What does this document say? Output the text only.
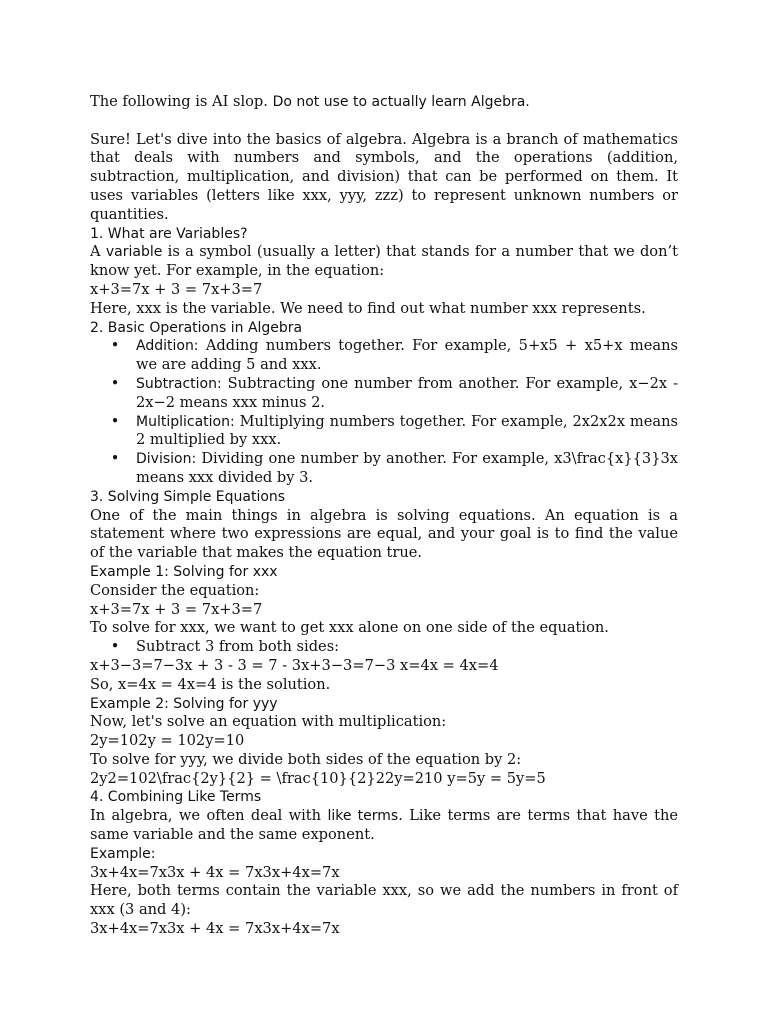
The following is AI slop. Do not use to actually learn Algebra.

Sure! Let's dive into the basics of algebra. Algebra is a branch of mathematics that deals with numbers and symbols, and the operations (addition, subtraction, multiplication, and division) that can be performed on them. It uses variables (letters like xxx, yyy, zzz) to represent unknown numbers or quantities.

1. What are Variables?

A variable is a symbol (usually a letter) that stands for a number that we don’t know yet. For example, in the equation:

x+3=7x + 3 = 7x+3=7

Here, xxx is the variable. We need to find out what number xxx represents.

2. Basic Operations in Algebra

• Addition: Adding numbers together. For example, 5+x5 + x5+x means we are adding 5 and xxx.
• Subtraction: Subtracting one number from another. For example, x−2x - 2x−2 means xxx minus 2.
• Multiplication: Multiplying numbers together. For example, 2x2x2x means 2 multiplied by xxx.
• Division: Dividing one number by another. For example, x3\frac{x}{3}3x means xxx divided by 3.

3. Solving Simple Equations

One of the main things in algebra is solving equations. An equation is a statement where two expressions are equal, and your goal is to find the value of the variable that makes the equation true.

Example 1: Solving for xxx

Consider the equation:

x+3=7x + 3 = 7x+3=7

To solve for xxx, we want to get xxx alone on one side of the equation.

• Subtract 3 from both sides:

x+3−3=7−3x + 3 - 3 = 7 - 3x+3−3=7−3 x=4x = 4x=4

So, x=4x = 4x=4 is the solution.

Example 2: Solving for yyy

Now, let's solve an equation with multiplication:

2y=102y = 102y=10

To solve for yyy, we divide both sides of the equation by 2:

2y2=102\frac{2y}{2} = \frac{10}{2}22y=210 y=5y = 5y=5

4. Combining Like Terms

In algebra, we often deal with like terms. Like terms are terms that have the same variable and the same exponent.

Example:

3x+4x=7x3x + 4x = 7x3x+4x=7x

Here, both terms contain the variable xxx, so we add the numbers in front of xxx (3 and 4):

3x+4x=7x3x + 4x = 7x3x+4x=7x
